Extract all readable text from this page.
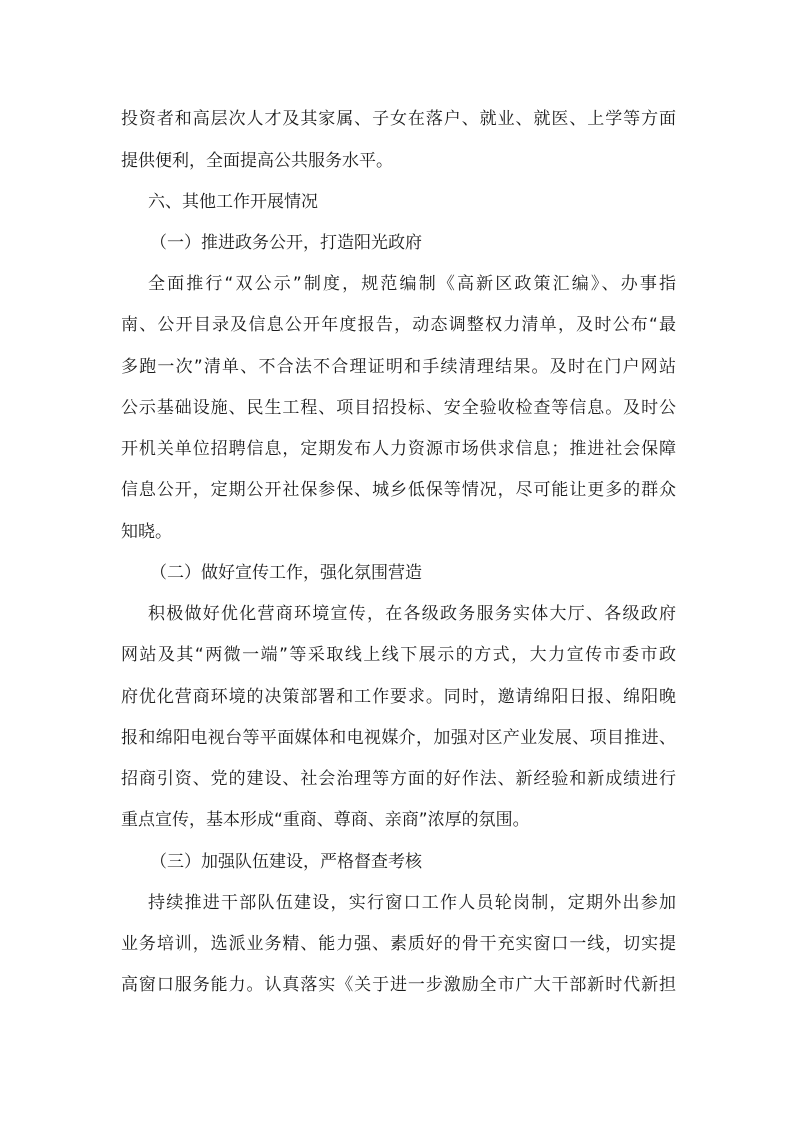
投资者和高层次人才及其家属、子女在落户、就业、就医、上学等方面
提供便利，全面提高公共服务水平。
六、其他工作开展情况
（一）推进政务公开，打造阳光政府
全面推行“双公示”制度，规范编制《高新区政策汇编》、办事指
南、公开目录及信息公开年度报告，动态调整权力清单，及时公布“最
多跑一次”清单、不合法不合理证明和手续清理结果。及时在门户网站
公示基础设施、民生工程、项目招投标、安全验收检查等信息。及时公
开机关单位招聘信息，定期发布人力资源市场供求信息；推进社会保障
信息公开，定期公开社保参保、城乡低保等情况，尽可能让更多的群众
知晓。
（二）做好宣传工作，强化氛围营造
积极做好优化营商环境宣传，在各级政务服务实体大厅、各级政府
网站及其“两微一端”等采取线上线下展示的方式，大力宣传市委市政
府优化营商环境的决策部署和工作要求。同时，邀请绵阳日报、绵阳晚
报和绵阳电视台等平面媒体和电视媒介，加强对区产业发展、项目推进、
招商引资、党的建设、社会治理等方面的好作法、新经验和新成绩进行
重点宣传，基本形成“重商、尊商、亲商”浓厚的氛围。
（三）加强队伍建设，严格督查考核
持续推进干部队伍建设，实行窗口工作人员轮岗制，定期外出参加
业务培训，选派业务精、能力强、素质好的骨干充实窗口一线，切实提
高窗口服务能力。认真落实《关于进一步激励全市广大干部新时代新担
